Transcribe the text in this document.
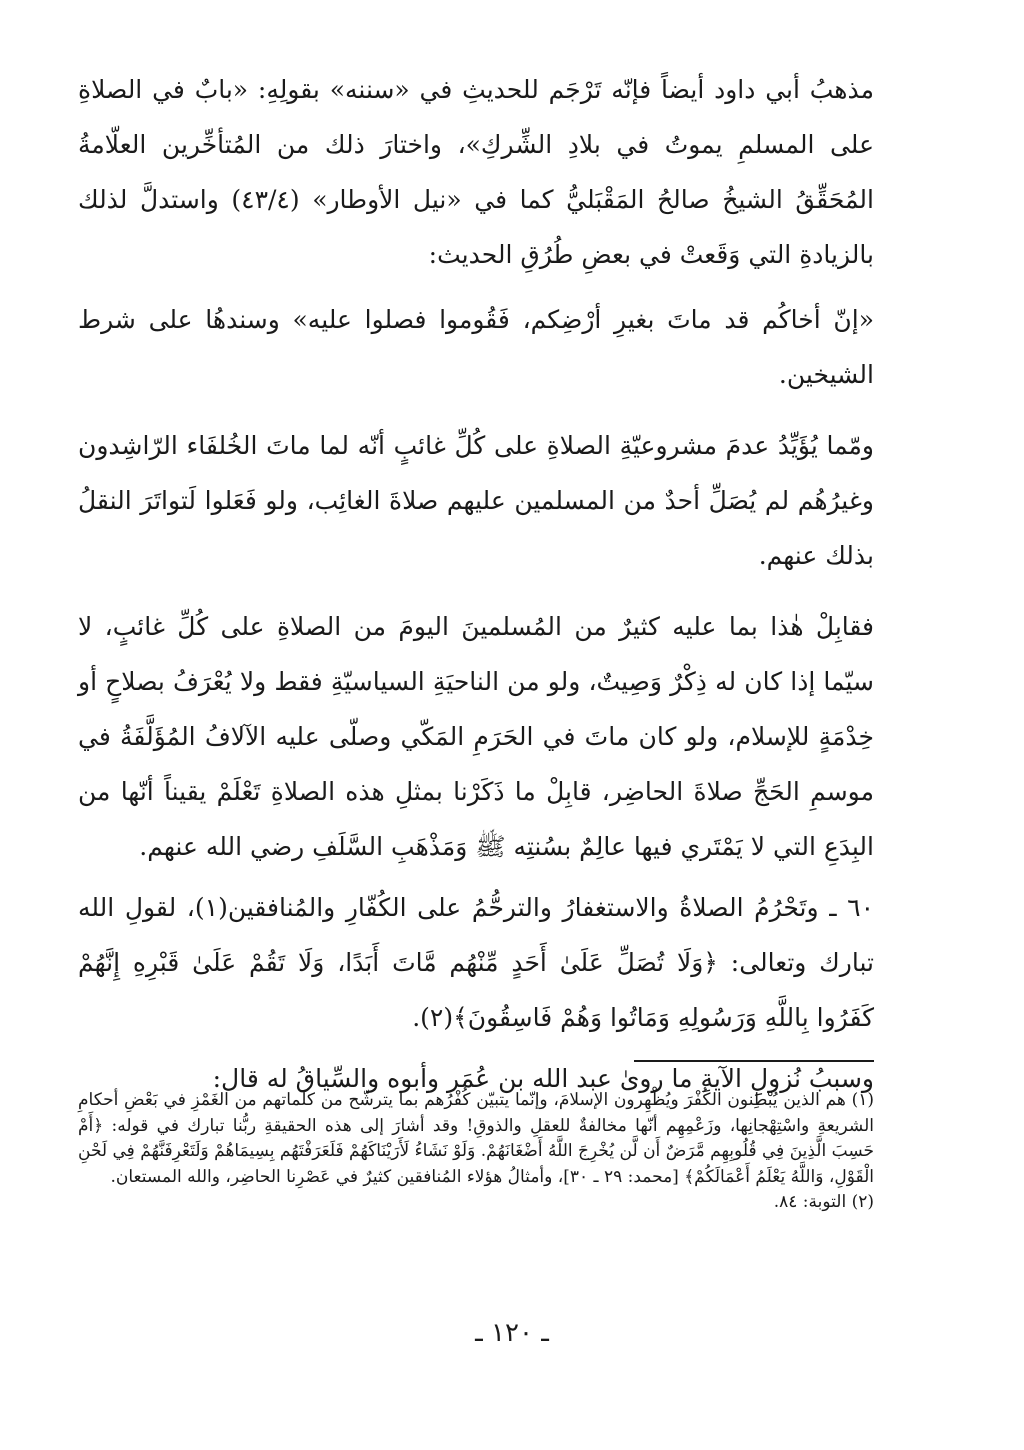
مذهبُ أبي داود أيضاً فإنّه تَرْجَم للحديثِ في «سننه» بقولِهِ: «بابٌ في الصلاةِ على المسلمِ يموتُ في بلادِ الشِّركِ»، واختارَ ذلك من المُتأخِّرين العلّامةُ المُحَقِّقُ الشيخُ صالحُ المَقْبَليُّ كما في «نيل الأوطار» (٤٣/٤) واستدلَّ لذلك بالزيادةِ التي وَقَعتْ في بعضِ طُرُقِ الحديث:

«إنّ أخاكُم قد ماتَ بغيرِ أرْضِكم، فَقُوموا فصلوا عليه» وسندهُا على شرط الشيخين.

ومّما يُؤَيِّدُ عدمَ مشروعيّةِ الصلاةِ على كُلِّ غائبٍ أنّه لما ماتَ الخُلفَاء الرّاشِدون وغيرُهُم لم يُصَلِّ أحدٌ من المسلمين عليهم صلاةَ الغائِب، ولو فَعَلوا لَتواتَرَ النقلُ بذلك عنهم.

فقابِلْ هٰذا بما عليه كثيرٌ من المُسلمينَ اليومَ من الصلاةِ على كُلِّ غائبٍ، لا سيّما إذا كان له ذِكْرٌ وَصِيتٌ، ولو من الناحيَةِ السياسيّةِ فقط ولا يُعْرَفُ بصلاحٍ أو خِدْمَةٍ للإسلام، ولو كان ماتَ في الحَرَمِ المَكّي وصلّى عليه الآلافُ المُؤَلَّفَةُ في موسمِ الحَجِّ صلاةَ الحاضِر، قابِلْ ما ذَكَرْنا بمثلِ هذه الصلاةِ تَعْلَمْ يقيناً أنّها من البِدَعِ التي لا يَمْتَري فيها عالِمٌ بسُنتِه ﷺ وَمَذْهَبِ السَّلَفِ رضي الله عنهم.

٦٠ ـ وتَحْرُمُ الصلاةُ والاستغفارُ والترحُّمُ على الكُفّارِ والمُنافقين(١)، لقولِ الله تبارك وتعالى: ﴿وَلَا تُصَلِّ عَلَىٰ أَحَدٍ مِّنْهُم مَّاتَ أَبَدًا، وَلَا تَقُمْ عَلَىٰ قَبْرِهِ إِنَّهُمْ كَفَرُوا بِاللَّهِ وَرَسُولِهِ وَمَاتُوا وَهُمْ فَاسِقُونَ﴾(٢).

وسببُ نُزولِ الآيةِ ما روىٰ عبد الله بن عُمَر وأبوه والسِّياقُ له قال:

(١) هم الذين يُبْطِنون الكُفْرَ ويُظْهِرون الإسلامَ، وإنّما يتبيّن كُفْرُهم بما يترشّح من كلماتهم من الغَمْزِ في بَعْضِ أحكامِ الشريعةِ واسْتِهْجانِها، وزَعْمِهِم أنّها مخالفةٌ للعقلِ والذوقِ! وقد أشارَ إلى هذه الحقيقةِ ربُّنا تبارك في قوله: ﴿أَمْ حَسِبَ الَّذِينَ فِي قُلُوبِهِم مَّرَضٌ أَن لَّن يُخْرِجَ اللَّهُ أَضْغَانَهُمْ. وَلَوْ نَشَاءُ لَأَرَيْنَاكَهُمْ فَلَعَرَفْتَهُم بِسِيمَاهُمْ وَلَتَعْرِفَنَّهُمْ فِي لَحْنِ الْقَوْلِ، وَاللَّهُ يَعْلَمُ أَعْمَالَكُمْ﴾ [محمد: ٢٩ ـ ٣٠]، وأمثالُ هؤلاء المُنافقين كثيرٌ في عَصْرِنا الحاضِر، والله المستعان.

(٢) التوبة: ٨٤.

ـ ١٢٠ ـ
